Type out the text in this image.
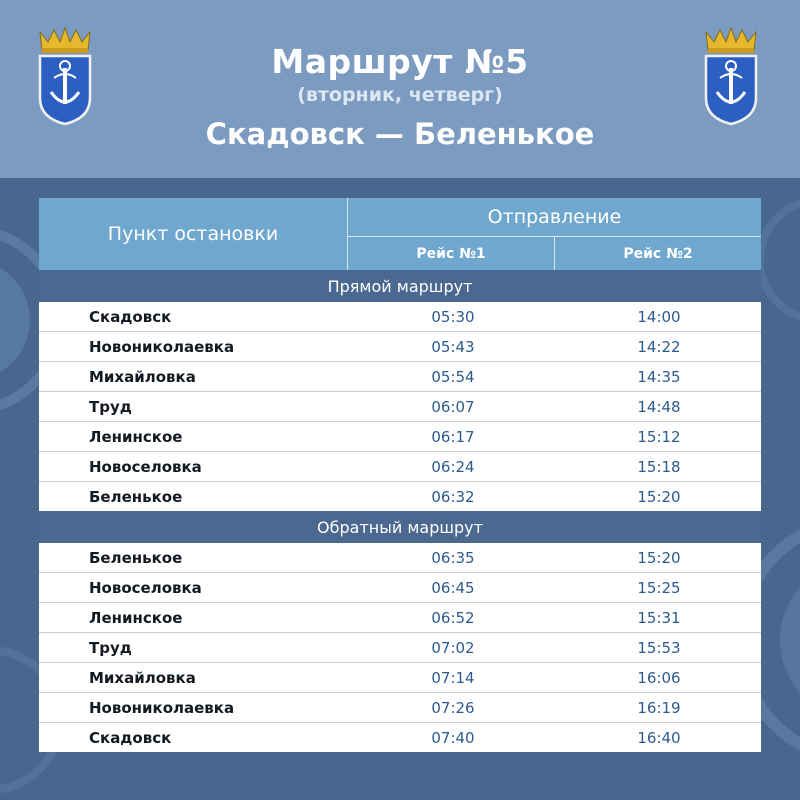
Маршрут №5
(вторник, четверг)
Скадовск — Беленькое
Пункт остановки
Отправление
Рейс №1	Рейс №2
Прямой маршрут
Скадовск	05:30	14:00
Новониколаевка	05:43	14:22
Михайловка	05:54	14:35
Труд	06:07	14:48
Ленинское	06:17	15:12
Новоселовка	06:24	15:18
Беленькое	06:32	15:20
Обратный маршрут
Беленькое	06:35	15:20
Новоселовка	06:45	15:25
Ленинское	06:52	15:31
Труд	07:02	15:53
Михайловка	07:14	16:06
Новониколаевка	07:26	16:19
Скадовск	07:40	16:40
